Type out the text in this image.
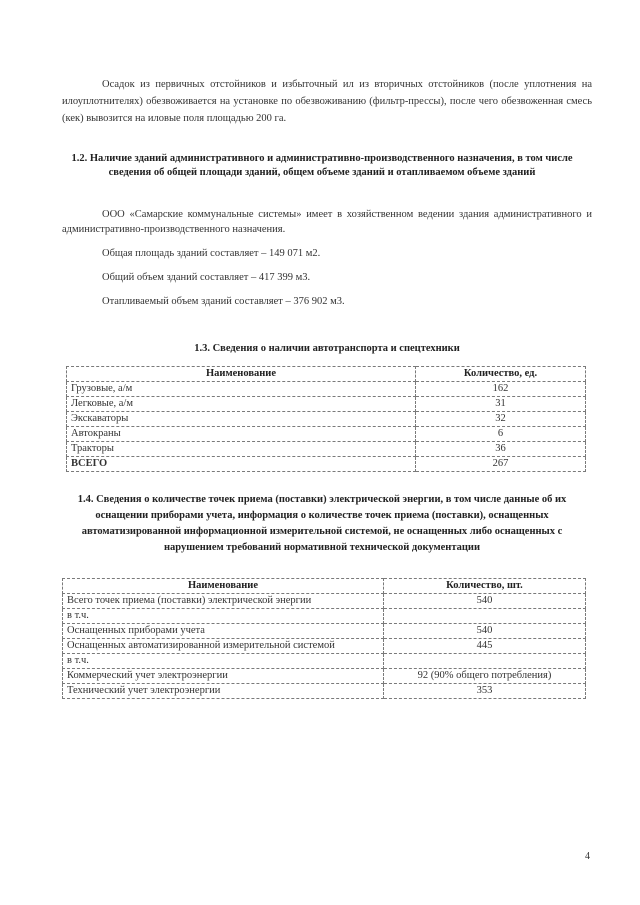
Осадок из первичных отстойников и избыточный ил из вторичных отстойников (после уплотнения на илоуплотнителях) обезвоживается на установке по обезвоживанию (фильтр-прессы), после чего обезвоженная смесь (кек) вывозится на иловые поля площадью 200 га.

1.2. Наличие зданий административного и административно-производственного назначения, в том числе сведения об общей площади зданий, общем объеме зданий и отапливаемом объеме зданий

ООО «Самарские коммунальные системы» имеет в хозяйственном ведении здания административного и административно-производственного назначения.

Общая площадь зданий составляет – 149 071 м2.

Общий объем зданий составляет – 417 399 м3.

Отапливаемый объем зданий составляет – 376 902 м3.

1.3. Сведения о наличии автотранспорта и спецтехники

Наименование	Количество, ед.
Грузовые, а/м	162
Легковые, а/м	31
Экскаваторы	32
Автокраны	6
Тракторы	36
ВСЕГО	267

1.4. Сведения о количестве точек приема (поставки) электрической энергии, в том числе данные об их оснащении приборами учета, информация о количестве точек приема (поставки), оснащенных автоматизированной информационной измерительной системой, не оснащенных либо оснащенных с нарушением требований нормативной технической документации

Наименование	Количество, шт.
Всего точек приема (поставки) электрической энергии	540
в т.ч.	
Оснащенных приборами учета	540
Оснащенных автоматизированной измерительной системой	445
в т.ч.	
Коммерческий учет электроэнергии	92 (90% общего потребления)
Технический учет электроэнергии	353
4
